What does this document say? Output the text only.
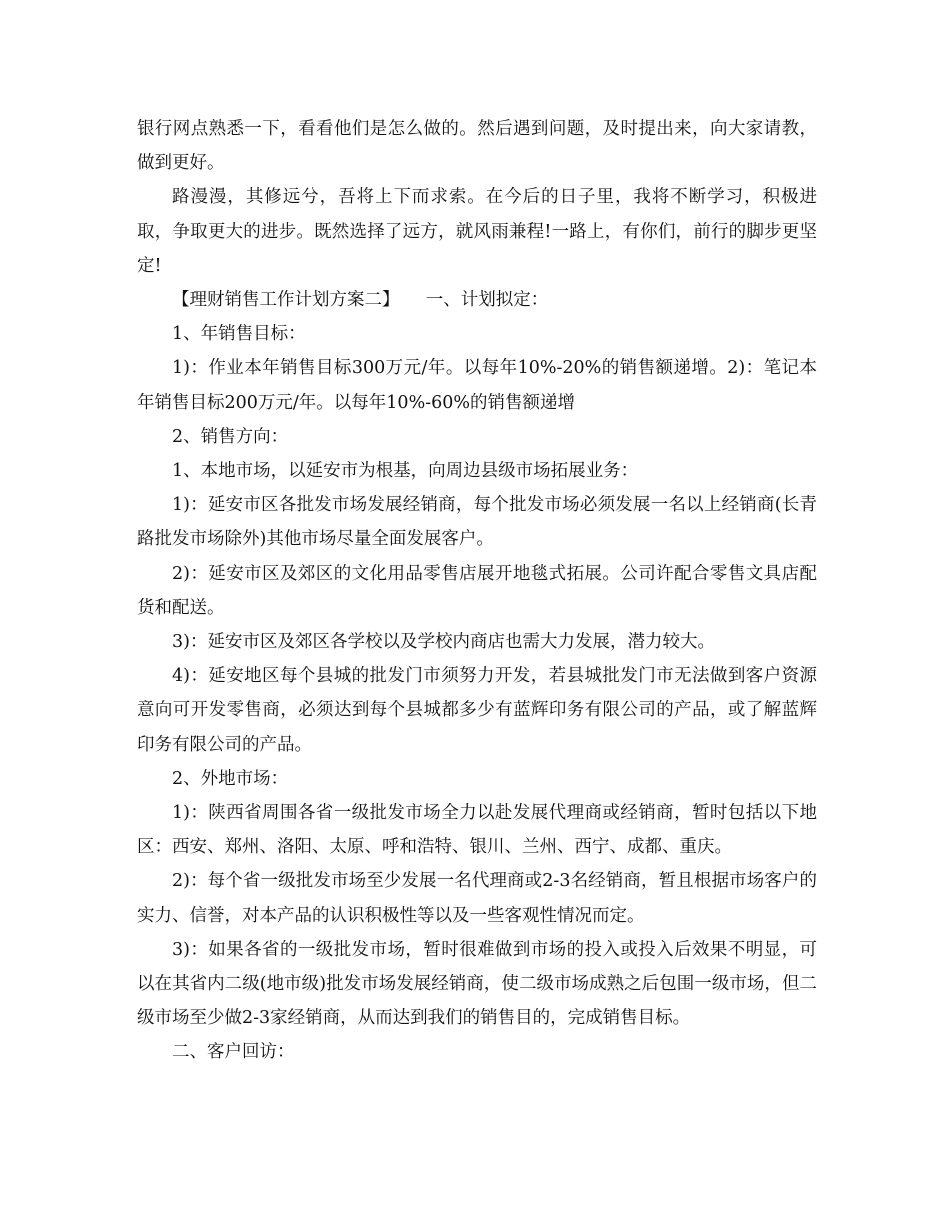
银行网点熟悉一下，看看他们是怎么做的。然后遇到问题，及时提出来，向大家请教，做到更好。

路漫漫，其修远兮，吾将上下而求索。在今后的日子里，我将不断学习，积极进取，争取更大的进步。既然选择了远方，就风雨兼程!一路上，有你们，前行的脚步更坚定!

【理财销售工作计划方案二】　　一、计划拟定：

1、年销售目标：

1)：作业本年销售目标300万元/年。以每年10%-20%的销售额递增。2)：笔记本年销售目标200万元/年。以每年10%-60%的销售额递增

2、销售方向：

1、本地市场，以延安市为根基，向周边县级市场拓展业务：

1)：延安市区各批发市场发展经销商，每个批发市场必须发展一名以上经销商(长青路批发市场除外)其他市场尽量全面发展客户。

2)：延安市区及郊区的文化用品零售店展开地毯式拓展。公司许配合零售文具店配货和配送。

3)：延安市区及郊区各学校以及学校内商店也需大力发展，潜力较大。

4)：延安地区每个县城的批发门市须努力开发，若县城批发门市无法做到客户资源意向可开发零售商，必须达到每个县城都多少有蓝辉印务有限公司的产品，或了解蓝辉印务有限公司的产品。

2、外地市场：

1)：陕西省周围各省一级批发市场全力以赴发展代理商或经销商，暂时包括以下地区：西安、郑州、洛阳、太原、呼和浩特、银川、兰州、西宁、成都、重庆。

2)：每个省一级批发市场至少发展一名代理商或2-3名经销商，暂且根据市场客户的实力、信誉，对本产品的认识积极性等以及一些客观性情况而定。

3)：如果各省的一级批发市场，暂时很难做到市场的投入或投入后效果不明显，可以在其省内二级(地市级)批发市场发展经销商，使二级市场成熟之后包围一级市场，但二级市场至少做2-3家经销商，从而达到我们的销售目的，完成销售目标。

二、客户回访：
